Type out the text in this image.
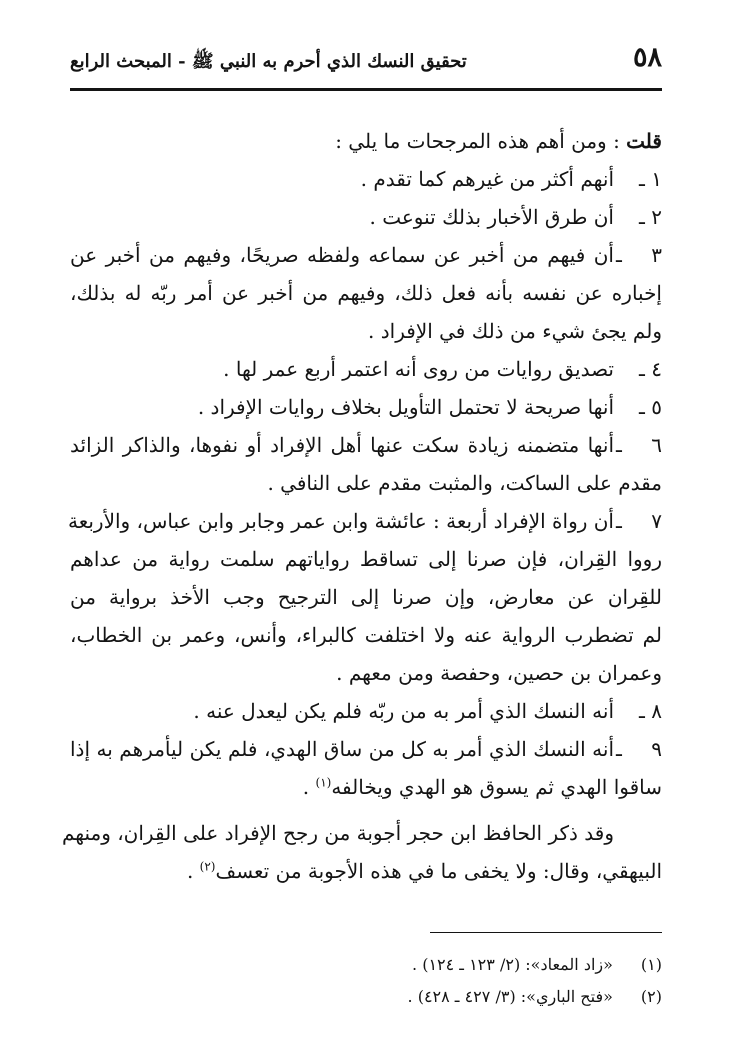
٥٨
تحقيق النسك الذي أحرم به النبي ﷺ - المبحث الرابع
قلت : ومن أهم هذه المرجحات ما يلي :
١ ـ
أنهم أكثر من غيرهم كما تقدم .
٢ ـ
أن طرق الأخبار بذلك تنوعت .
٣ ـ
أن فيهم من أخبر عن سماعه ولفظه صريحًا، وفيهم من أخبر عن
إخباره عن نفسه بأنه فعل ذلك، وفيهم من أخبر عن أمر ربّه له بذلك،
ولم يجئ شيء من ذلك في الإفراد .
٤ ـ
تصديق روايات من روى أنه اعتمر أربع عمر لها .
٥ ـ
أنها صريحة لا تحتمل التأويل بخلاف روايات الإفراد .
٦ ـ
أنها متضمنه زيادة سكت عنها أهل الإفراد أو نفوها، والذاكر الزائد
مقدم على الساكت، والمثبت مقدم على النافي .
٧ ـ
أن رواة الإفراد أربعة : عائشة وابن عمر وجابر وابن عباس، والأربعة
رووا القِران، فإن صرنا إلى تساقط رواياتهم سلمت رواية من عداهم
للقِران عن معارض، وإن صرنا إلى الترجيح وجب الأخذ برواية من
لم تضطرب الرواية عنه ولا اختلفت كالبراء، وأنس، وعمر بن الخطاب،
وعمران بن حصين، وحفصة ومن معهم .
٨ ـ
أنه النسك الذي أمر به من ربّه فلم يكن ليعدل عنه .
٩ ـ
أنه النسك الذي أمر به كل من ساق الهدي، فلم يكن ليأمرهم به إذا
ساقوا الهدي ثم يسوق هو الهدي ويخالفه$^{(١)}$ .
وقد ذكر الحافظ ابن حجر أجوبة من رجح الإفراد على القِران، ومنهم
البيهقي، وقال: ولا يخفى ما في هذه الأجوبة من تعسف$^{(٢)}$ .
(١) «زاد المعاد»: (٢/ ١٢٣ ـ ١٢٤) .
(٢) «فتح الباري»: (٣/ ٤٢٧ ـ ٤٢٨) .
